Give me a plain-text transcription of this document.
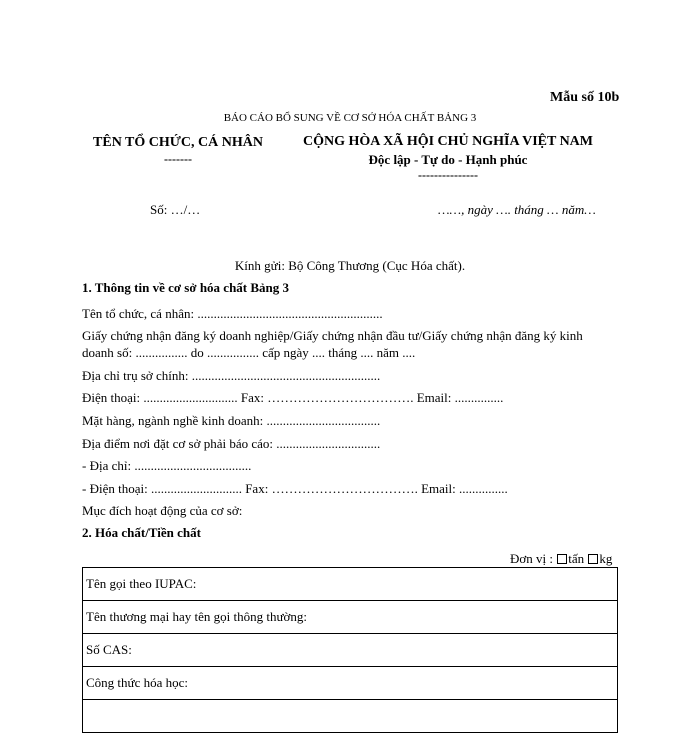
Mẫu số 10b
BÁO CÁO BỔ SUNG VỀ CƠ SỞ HÓA CHẤT BẢNG 3
TÊN TỔ CHỨC, CÁ NHÂN
-------
CỘNG HÒA XÃ HỘI CHỦ NGHĨA VIỆT NAM
Độc lập - Tự do - Hạnh phúc
---------------
Số: …/…	……, ngày …. tháng … năm…
Kính gửi: Bộ Công Thương (Cục Hóa chất).
1. Thông tin về cơ sở hóa chất Bảng 3
Tên tổ chức, cá nhân: .........................................................
Giấy chứng nhận đăng ký doanh nghiệp/Giấy chứng nhận đầu tư/Giấy chứng nhận đăng ký kinh
doanh số: ................ do ................ cấp ngày .... tháng .... năm ....
Địa chỉ trụ sở chính: ..........................................................
Điện thoại: ............................. Fax: ……………………………. Email: ...............
Mặt hàng, ngành nghề kinh doanh: ...................................
Địa điểm nơi đặt cơ sở phải báo cáo: ................................
- Địa chỉ: ....................................
- Điện thoại: ............................ Fax: ……………………………. Email: ...............
Mục đích hoạt động của cơ sở:
2. Hóa chất/Tiền chất
Đơn vị : tấn kg
Tên gọi theo IUPAC:
Tên thương mại hay tên gọi thông thường:
Số CAS:
Công thức hóa học:
